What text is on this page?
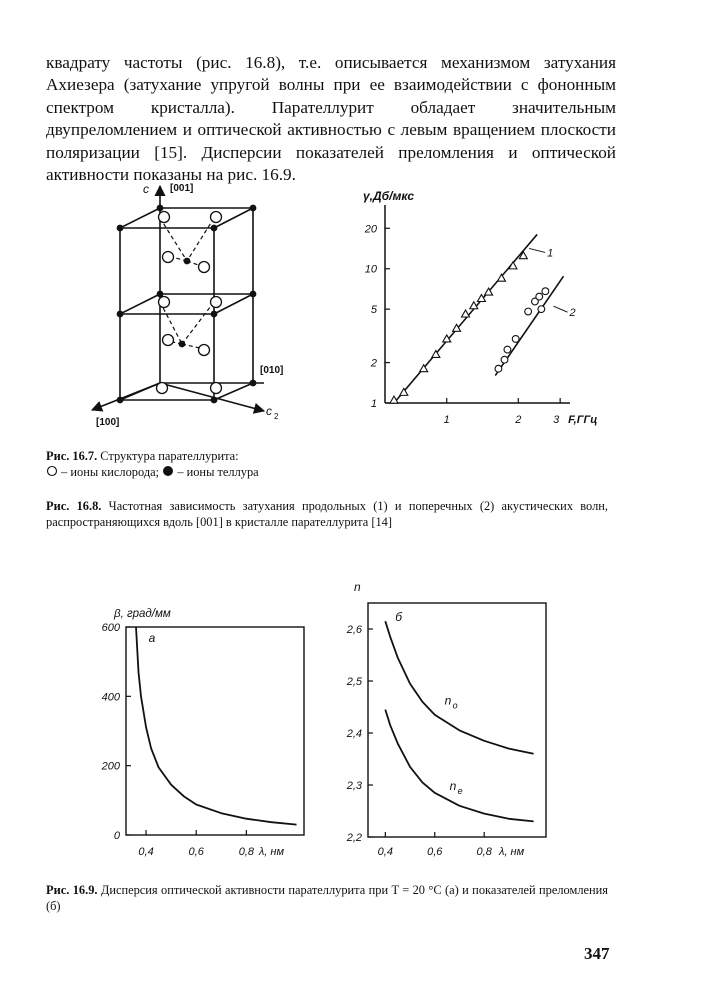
квадрату частоты (рис. 16.8), т.е. описывается механизмом затухания Ахиезера (затухание упругой волны при ее взаимодействии с фононным спектром кристалла). Парателлурит обладает значительным двупреломлением и оптической активностью с левым вращением плоскости поляризации [15]. Дисперсии показателей преломления и оптической активности показаны на рис. 16.9.
c [001]
[010]
[100]
c 2
γ,Дб/мкс
F,ГГц
1
2
5
10
20
1	2	3
1
2
Рис. 16.7. Структура парателлурита:
– ионы кислорода; – ионы теллура
Рис. 16.8. Частотная зависимость затухания продольных (1) и поперечных (2) акустических волн, распространяющихся вдоль [001] в кристалле парателлурита [14]
β, град/мм
λ, нм
а
0
200
400
600
0,4	0,6	0,8
n
λ, нм
б
2,2
2,3
2,4
2,5
2,6
0,4	0,6	0,8
n o
n e
Рис. 16.9. Дисперсия оптической активности парателлурита при T = 20 °С (а) и показателей преломления (б)
347
